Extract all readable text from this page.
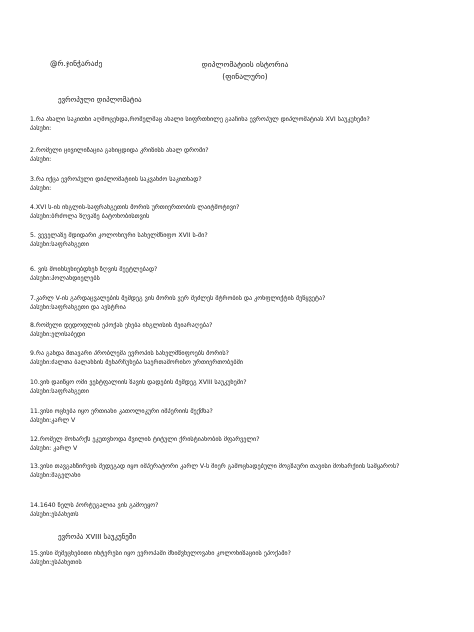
@რ.ჯინჭარაძე	დიპლომატიის ისტორია
(ფინალური)
ევროპული დიპლომატია
1.რა ახალი საკითხი აღმოცენდა,რომელმაც ახალი სიფრთხილე გააჩინა ევროპულ დიპლომატიას XVI საუკუნეში?
პასუხი:
2.რომელი ცივილიზაცია განიცდიდა კრიზისს ახალ დროში?
პასუხი:
3.რა იქცა ევროპული დიპლომატიის საკვანძო საკითხად?
პასუხი:
4.XVI ს-ის ინგლის-საფრანგეთის შორის ურთიერთობის ლაიტმოტივი?
პასუხი:ბრძოლა ზღვაზე ბატონობისთვის
5. ვეველაზე მდიდარი კოლონიური სახელმწიფო XVII ს-ში?
პასუხი:საფრანგეთი
6. ვის მოიხსენიებდნენ ზღვის მეეტლებად?
პასუხი:ჰოლანდიელებს
7.კარლ V-ის გარდაცვალების შემდეგ ვის შორის ვერ შეძლეს მტრობის და კონფლიქტის შეწყვეტა?
პასუხი:საფრანგეთი და ავსტრია
8.რომელი დედოფლის ეპოქას ეხება ინგლისის შეიარაღება?
პასუხი:ელისაბედი
9.რა გახდა მთავარი პრობლემა ევროპის სახელმწიფოებს შორის?
პასუხი:ძალთა ბალანსის შენარჩუნება საერთაშორისო ურთიერთობებში
10.ვინ დაიწყო ომი ვესტფალიის ზავის დადების შემდეგ XVIII საუკუნეში?
პასუხი:საფრანგეთი
11.ვისი ოცნება იყო ერთიანი კათოლიკური იმპერიის შექმნა?
პასუხი:კარლ V
12.რომელ მონარქს ეკუთვნოდა შვილის ტიტული ქრისტიანობის მფარველი?
პასუხი: კარლ V
13.ვისი თავგანწირვის შედეგად იყო იმპერატორი კარლ V-ს მიერ გამოცხადებული მოგზაური თავისი მონარქიის სამყაროს?
პასუხი:მაგელანი
14.1640 წელს პორტუგალია ვის გამოეყო?
პასუხი:ესპანეთს
ევროპა XVIII საუკუნეში
15.ვისი შემეცნებითი ინტერესი იყო ევროპაში მნიშვნელოვანი კოლონიზაციის ეპოქაში?
პასუხი:ესპანეთის
